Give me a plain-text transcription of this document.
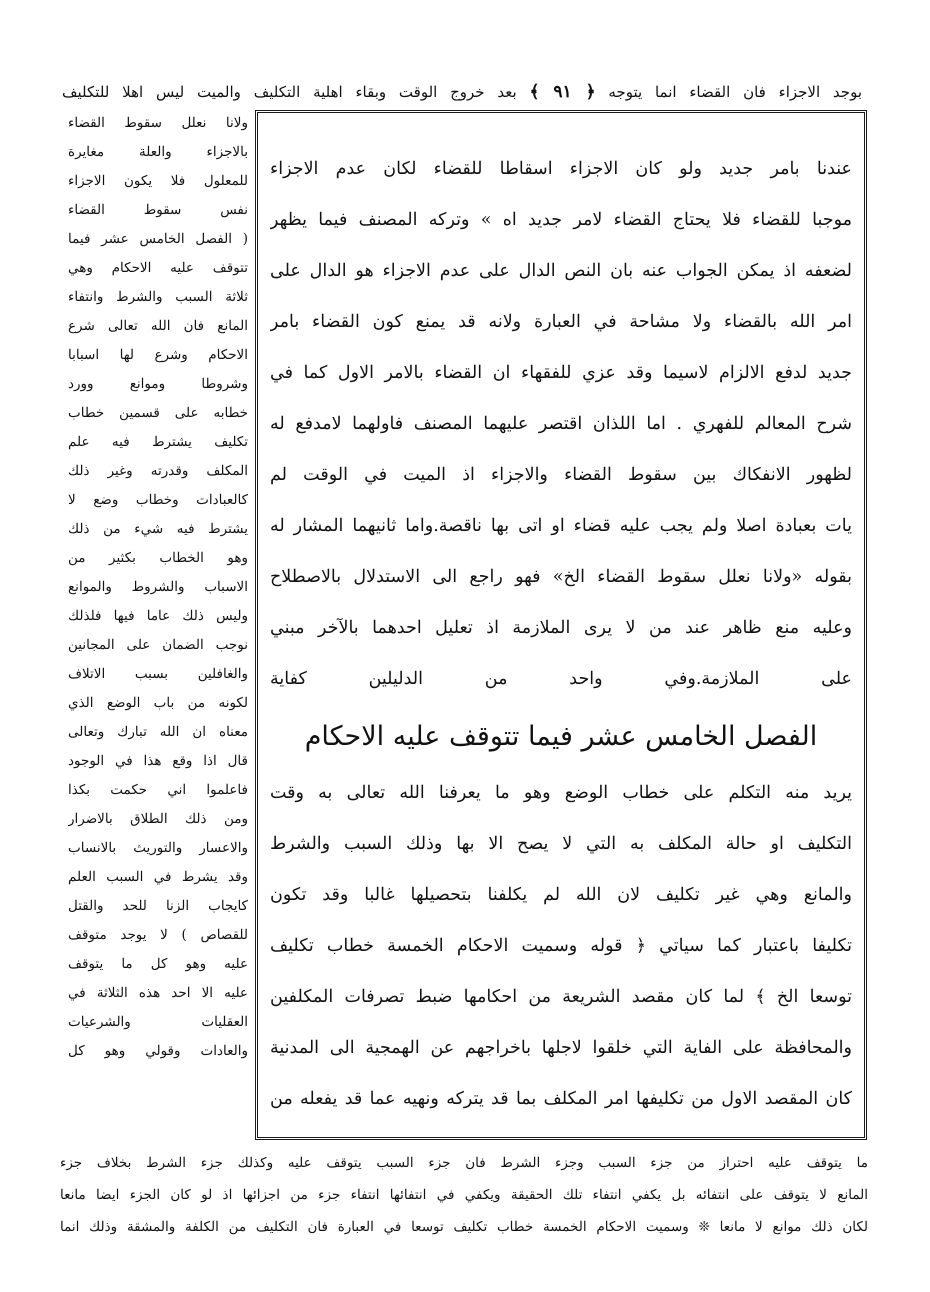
بوجد الاجزاء فان القضاء انما يتوجه ﴿ ٩١ ﴾ بعد خروج الوقت وبقاء اهلية التكليف والميت ليس اهلا للتكليف
عندنا بامر جديد ولو كان الاجزاء اسقاطا للقضاء لكان عدم الاجزاء
موجبا للقضاء فلا يحتاج القضاء لامر جديد اه » وتركه المصنف فيما يظهر
لضعفه اذ يمكن الجواب عنه بان النص الدال على عدم الاجزاء هو الدال على
امر الله بالقضاء ولا مشاحة في العبارة ولانه قد يمنع كون القضاء بامر
جديد لدفع الالزام لاسيما وقد عزي للفقهاء ان القضاء بالامر الاول كما في
شرح المعالم للفهري . اما اللذان اقتصر عليهما المصنف فاولهما لامدفع له
لظهور الانفكاك بين سقوط القضاء والاجزاء اذ الميت في الوقت لم
يات بعبادة اصلا ولم يجب عليه قضاء او اتى بها ناقصة.واما ثانيهما المشار له
بقوله «ولانا نعلل سقوط القضاء الخ» فهو راجع الى الاستدلال بالاصطلاح
وعليه منع ظاهر عند من لا يرى الملازمة اذ تعليل احدهما بالآخر مبني
على الملازمة.وفي واحد من الدليلين كفاية
الفصل الخامس عشر فيما تتوقف عليه الاحكام
يريد منه التكلم على خطاب الوضع وهو ما يعرفنا الله تعالى به وقت
التكليف او حالة المكلف به التي لا يصح الا بها وذلك السبب والشرط
والمانع وهي غير تكليف لان الله لم يكلفنا بتحصيلها غالبا وقد تكون
تكليفا باعتبار كما سياتي ﴿ قوله وسميت الاحكام الخمسة خطاب تكليف
توسعا الخ ﴾ لما كان مقصد الشريعة من احكامها ضبط تصرفات المكلفين
والمحافظة على الفاية التي خلقوا لاجلها باخراجهم عن الهمجية الى المدنية
كان المقصد الاول من تكليفها امر المكلف بما قد يتركه ونهيه عما قد يفعله من
ولانا نعلل سقوط القضاء
بالاجزاء والعلة مغايرة
للمعلول فلا يكون الاجزاء
نفس سقوط القضاء
( الفصل الخامس عشر فيما
تتوقف عليه الاحكام وهي
ثلاثة السبب والشرط وانتفاء
المانع فان الله تعالى شرع
الاحكام وشرع لها اسبابا
وشروطا وموانع وورد
خطابه على قسمين خطاب
تكليف يشترط فيه علم
المكلف وقدرته وغير ذلك
كالعبادات وخطاب وضع لا
يشترط فيه شيء من ذلك
وهو الخطاب بكثير من
الاسباب والشروط والموانع
وليس ذلك عاما فيها فلذلك
نوجب الضمان على المجانين
والغافلين بسبب الاتلاف
لكونه من باب الوضع الذي
معناه ان الله تبارك وتعالى
قال اذا وقع هذا في الوجود
فاعلموا اني حكمت بكذا
ومن ذلك الطلاق بالاضرار
والاعسار والتوريث بالانساب
وقد يشرط في السبب العلم
كايجاب الزنا للحد والقتل
للقصاص ) لا يوجد متوقف
عليه وهو كل ما يتوقف
عليه الا احد هذه الثلاثة في
العقليات والشرعيات
والعادات وقولي وهو كل
ما يتوقف عليه احتراز من جزء السبب وجزء الشرط فان جزء السبب يتوقف عليه وكذلك جزء الشرط بخلاف جزء
المانع لا يتوقف على انتفائه بل يكفي انتفاء تلك الحقيقة ويكفي في انتفائها انتفاء جزء من اجزائها اذ لو كان الجزء ايضا مانعا
لكان ذلك موانع لا مانعا ❊ وسميت الاحكام الخمسة خطاب تكليف توسعا في العبارة فان التكليف من الكلفة والمشقة وذلك انما
